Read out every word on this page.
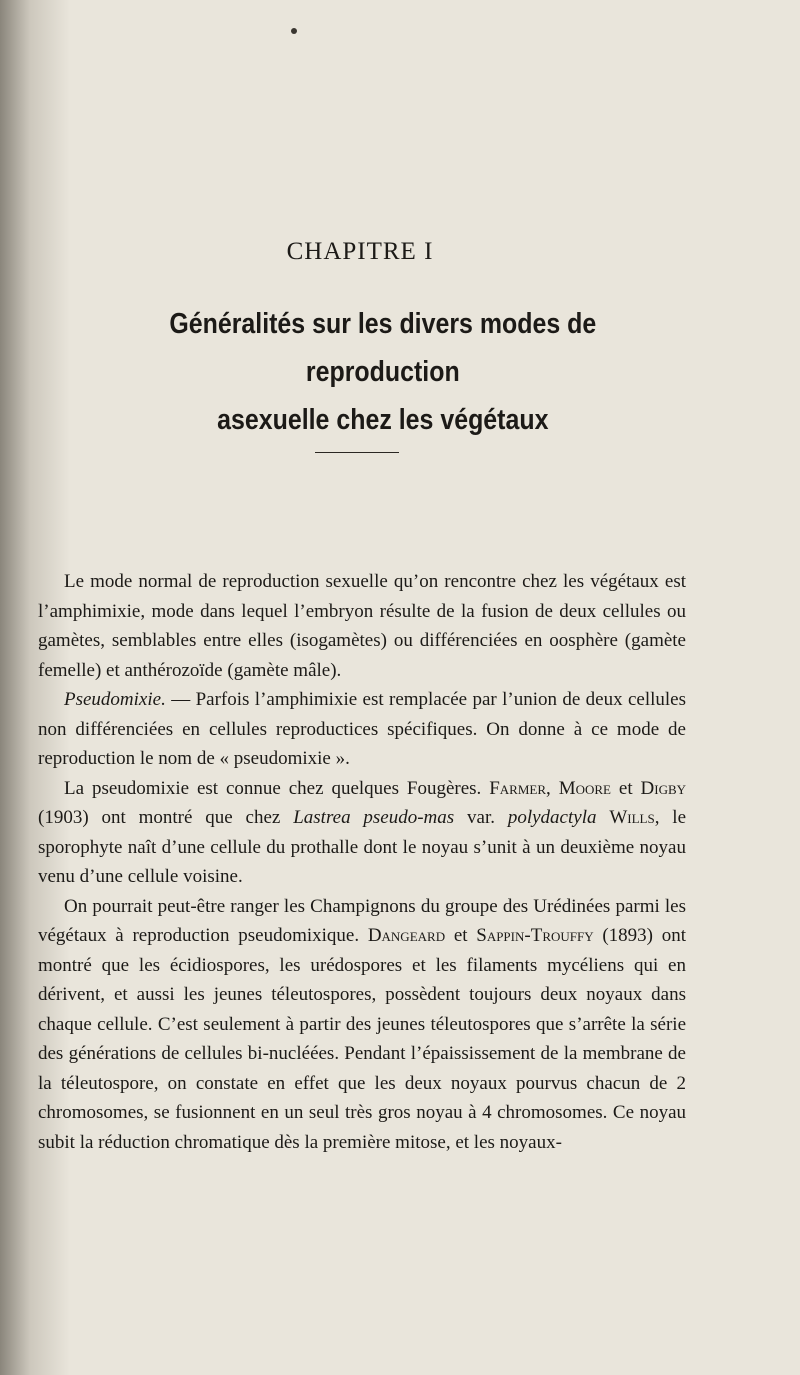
CHAPITRE I
Généralités sur les divers modes de reproduction
asexuelle chez les végétaux

Le mode normal de reproduction sexuelle qu’on rencontre chez les végétaux est l’amphimixie, mode dans lequel l’embryon résulte de la fusion de deux cellules ou gamètes, semblables entre elles (isogamètes) ou différenciées en oosphère (gamète femelle) et anthérozoïde (gamète mâle).

Pseudomixie. — Parfois l’amphimixie est remplacée par l’union de deux cellules non différenciées en cellules reproductices spécifiques. On donne à ce mode de reproduction le nom de « pseudomixie ».

La pseudomixie est connue chez quelques Fougères. Farmer, Moore et Digby (1903) ont montré que chez Lastrea pseudo-mas var. polydactyla Wills, le sporophyte naît d’une cellule du prothalle dont le noyau s’unit à un deuxième noyau venu d’une cellule voisine.

On pourrait peut-être ranger les Champignons du groupe des Urédinées parmi les végétaux à reproduction pseudomixique. Dangeard et Sappin-Trouffy (1893) ont montré que les écidiospores, les urédospores et les filaments mycéliens qui en dérivent, et aussi les jeunes téleutospores, possèdent toujours deux noyaux dans chaque cellule. C’est seulement à partir des jeunes téleutospores que s’arrête la série des générations de cellules bi-nucléées. Pendant l’épaississement de la membrane de la téleutospore, on constate en effet que les deux noyaux pourvus chacun de 2 chromosomes, se fusionnent en un seul très gros noyau à 4 chromosomes. Ce noyau subit la réduction chromatique dès la première mitose, et les noyaux-
